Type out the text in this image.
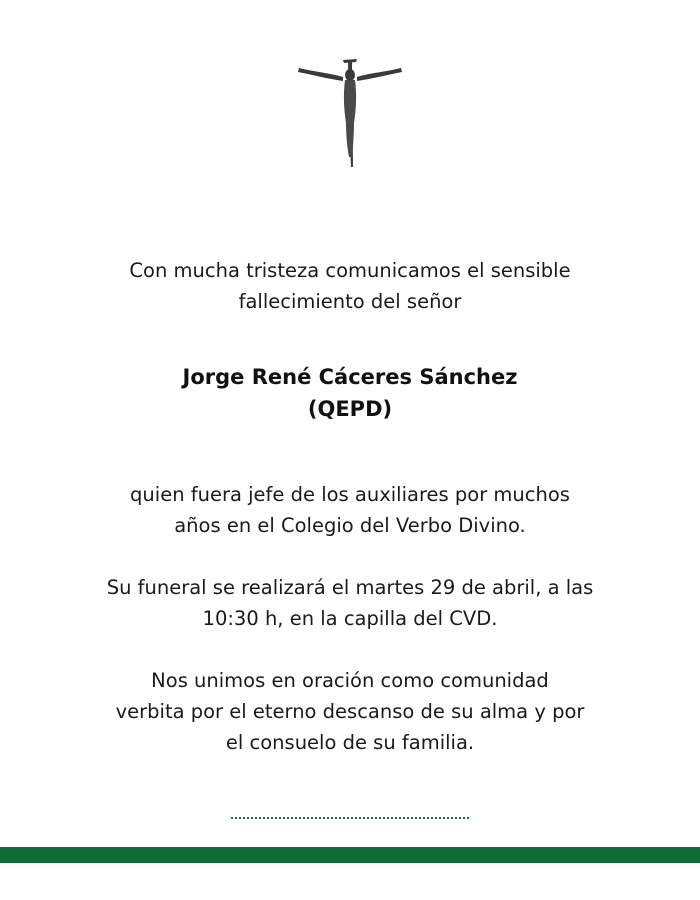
Con mucha tristeza comunicamos el sensible
fallecimiento del señor
Jorge René Cáceres Sánchez
(QEPD)
quien fuera jefe de los auxiliares por muchos
años en el Colegio del Verbo Divino.
Su funeral se realizará el martes 29 de abril, a las
10:30 h, en la capilla del CVD.
Nos unimos en oración como comunidad
verbita por el eterno descanso de su alma y por
el consuelo de su familia.
